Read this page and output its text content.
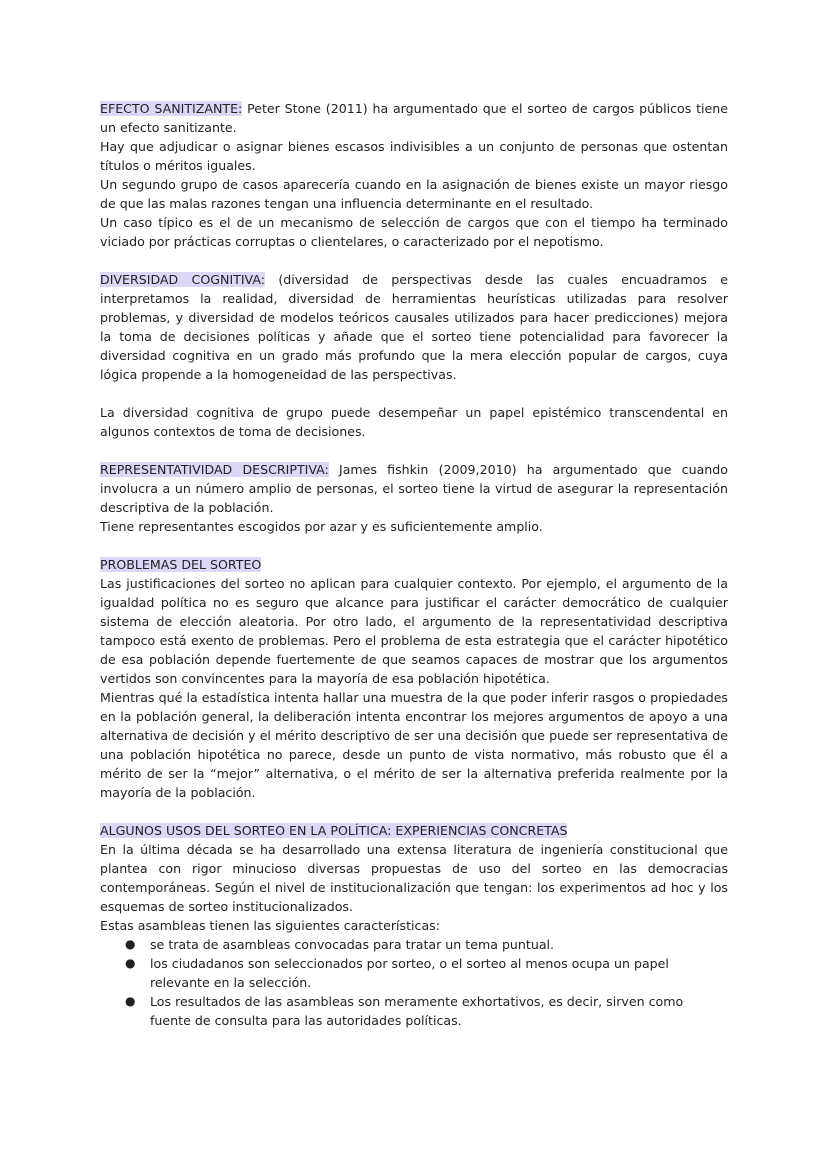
EFECTO SANITIZANTE: Peter Stone (2011) ha argumentado que el sorteo de cargos públicos tiene un efecto sanitizante.

Hay que adjudicar o asignar bienes escasos indivisibles a un conjunto de personas que ostentan títulos o méritos iguales.

Un segundo grupo de casos aparecería cuando en la asignación de bienes existe un mayor riesgo de que las malas razones tengan una influencia determinante en el resultado.

Un caso típico es el de un mecanismo de selección de cargos que con el tiempo ha terminado viciado por prácticas corruptas o clientelares, o caracterizado por el nepotismo.

DIVERSIDAD COGNITIVA: (diversidad de perspectivas desde las cuales encuadramos e interpretamos la realidad, diversidad de herramientas heurísticas utilizadas para resolver problemas, y diversidad de modelos teóricos causales utilizados para hacer predicciones) mejora la toma de decisiones políticas y añade que el sorteo tiene potencialidad para favorecer la diversidad cognitiva en un grado más profundo que la mera elección popular de cargos, cuya lógica propende a la homogeneidad de las perspectivas.

La diversidad cognitiva de grupo puede desempeñar un papel epistémico transcendental en algunos contextos de toma de decisiones.

REPRESENTATIVIDAD DESCRIPTIVA: James fishkin (2009,2010) ha argumentado que cuando involucra a un número amplio de personas, el sorteo tiene la virtud de asegurar la representación descriptiva de la población.

Tiene representantes escogidos por azar y es suficientemente amplio.

PROBLEMAS DEL SORTEO

Las justificaciones del sorteo no aplican para cualquier contexto. Por ejemplo, el argumento de la igualdad política no es seguro que alcance para justificar el carácter democrático de cualquier sistema de elección aleatoria. Por otro lado, el argumento de la representatividad descriptiva tampoco está exento de problemas. Pero el problema de esta estrategia que el carácter hipotético de esa población depende fuertemente de que seamos capaces de mostrar que los argumentos vertidos son convincentes para la mayoría de esa población hipotética.

Mientras qué la estadística intenta hallar una muestra de la que poder inferir rasgos o propiedades en la población general, la deliberación intenta encontrar los mejores argumentos de apoyo a una alternativa de decisión y el mérito descriptivo de ser una decisión que puede ser representativa de una población hipotética no parece, desde un punto de vista normativo, más robusto que él a mérito de ser la “mejor” alternativa, o el mérito de ser la alternativa preferida realmente por la mayoría de la población.

ALGUNOS USOS DEL SORTEO EN LA POLÍTICA: EXPERIENCIAS CONCRETAS

En la última década se ha desarrollado una extensa literatura de ingeniería constitucional que plantea con rigor minucioso diversas propuestas de uso del sorteo en las democracias contemporáneas. Según el nivel de institucionalización que tengan: los experimentos ad hoc y los esquemas de sorteo institucionalizados.

Estas asambleas tienen las siguientes características:

● se trata de asambleas convocadas para tratar un tema puntual.
● los ciudadanos son seleccionados por sorteo, o el sorteo al menos ocupa un papel relevante en la selección.
● Los resultados de las asambleas son meramente exhortativos, es decir, sirven como fuente de consulta para las autoridades políticas.
